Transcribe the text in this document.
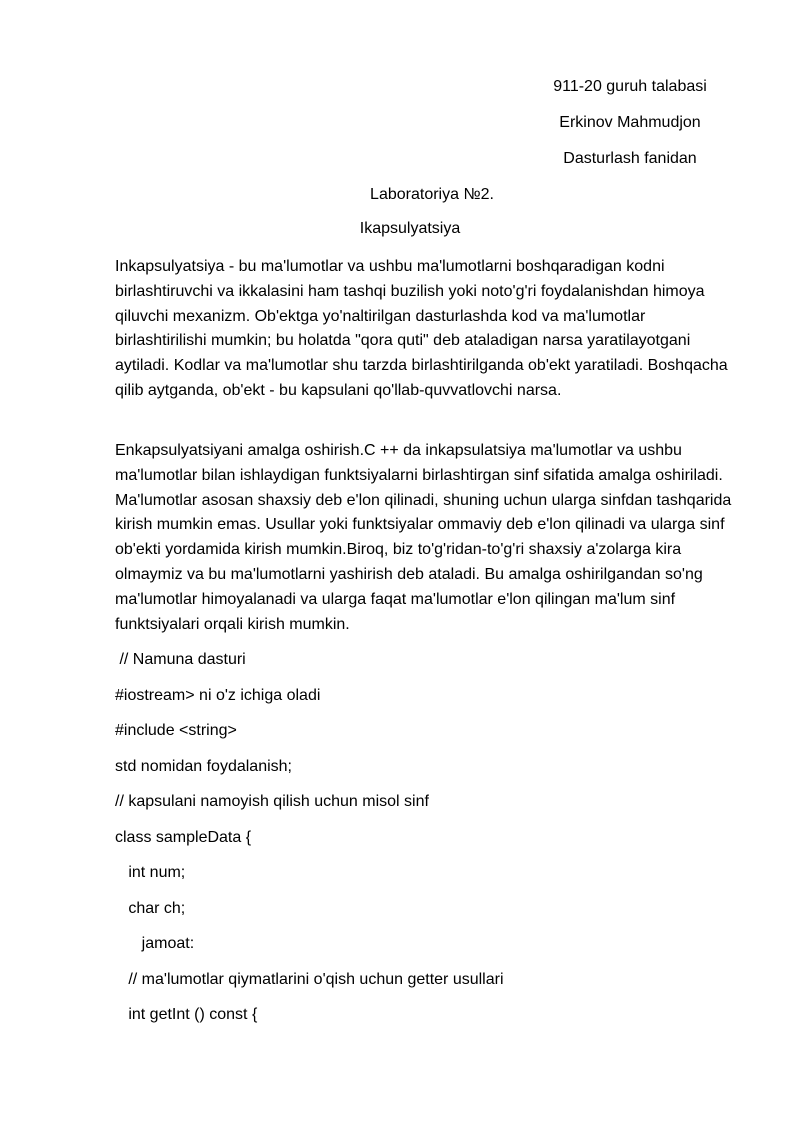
911-20 guruh talabasi
Erkinov Mahmudjon
Dasturlash fanidan
Laboratoriya №2.
Ikapsulyatsiya
Inkapsulyatsiya - bu ma'lumotlar va ushbu ma'lumotlarni boshqaradigan kodni birlashtiruvchi va ikkalasini ham tashqi buzilish yoki noto'g'ri foydalanishdan himoya qiluvchi mexanizm. Ob'ektga yo'naltirilgan dasturlashda kod va ma'lumotlar birlashtirilishi mumkin; bu holatda "qora quti" deb ataladigan narsa yaratilayotgani aytiladi. Kodlar va ma'lumotlar shu tarzda birlashtirilganda ob'ekt yaratiladi. Boshqacha qilib aytganda, ob'ekt - bu kapsulani qo'llab-quvvatlovchi narsa.
Enkapsulyatsiyani amalga oshirish.C ++ da inkapsulatsiya ma'lumotlar va ushbu ma'lumotlar bilan ishlaydigan funktsiyalarni birlashtirgan sinf sifatida amalga oshiriladi. Ma'lumotlar asosan shaxsiy deb e'lon qilinadi, shuning uchun ularga sinfdan tashqarida kirish mumkin emas. Usullar yoki funktsiyalar ommaviy deb e'lon qilinadi va ularga sinf ob'ekti yordamida kirish mumkin.Biroq, biz to'g'ridan-to'g'ri shaxsiy a'zolarga kira olmaymiz va bu ma'lumotlarni yashirish deb ataladi. Bu amalga oshirilgandan so'ng ma'lumotlar himoyalanadi va ularga faqat ma'lumotlar e'lon qilingan ma'lum sinf funktsiyalari orqali kirish mumkin.
// Namuna dasturi
#iostream> ni o'z ichiga oladi
#include <string>
std nomidan foydalanish;
// kapsulani namoyish qilish uchun misol sinf
class sampleData {
int num;
char ch;
jamoat:
// ma'lumotlar qiymatlarini o'qish uchun getter usullari
int getInt () const {
